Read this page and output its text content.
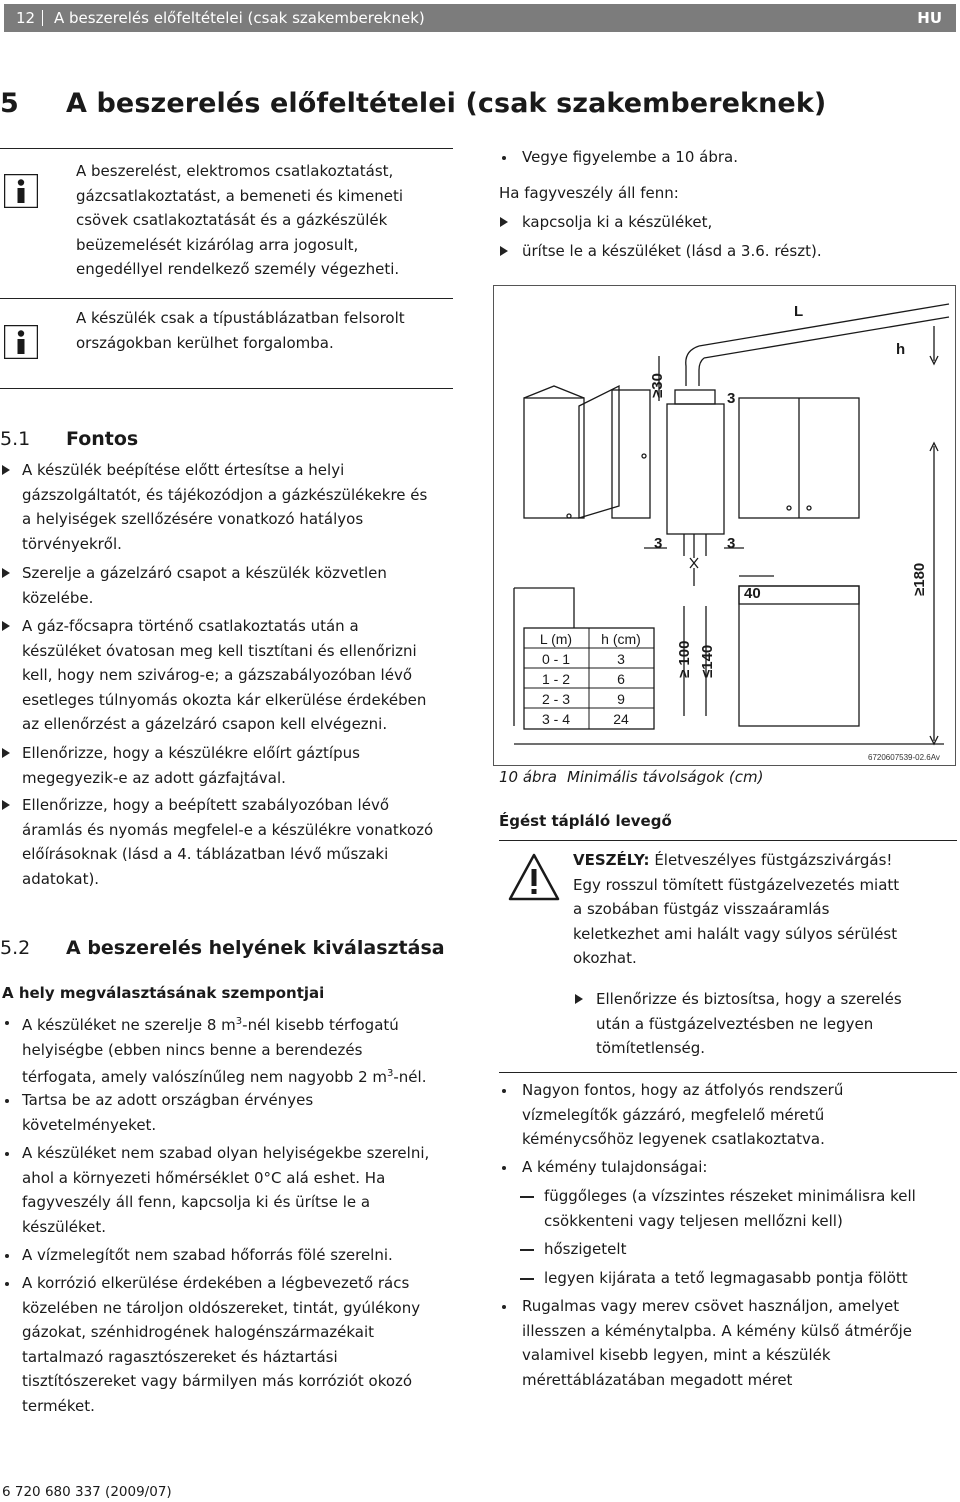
12 A beszerelés előfeltételei (csak szakembereknek)	HU
5 A beszerelés előfeltételei (csak szakembereknek)
A beszerelést, elektromos csatlakoztatást,
gázcsatlakoztatást, a bemeneti és kimeneti
csövek csatlakoztatását és a gázkészülék
beüzemelését kizárólag arra jogosult,
engedéllyel rendelkező személy végezheti.
A készülék csak a típustáblázatban felsorolt
országokban kerülhet forgalomba.
5.1 Fontos
A készülék beépítése előtt értesítse a helyi
gázszolgáltatót, és tájékozódjon a gázkészülékekre és
a helyiségek szellőzésére vonatkozó hatályos
törvényekről.
Szerelje a gázelzáró csapot a készülék közvetlen
közelébe.
A gáz-főcsapra történő csatlakoztatás után a
készüléket óvatosan meg kell tisztítani és ellenőrizni
kell, hogy nem szivárog-e; a gázszabályozóban lévő
esetleges túlnyomás okozta kár elkerülése érdekében
az ellenőrzést a gázelzáró csapon kell elvégezni.
Ellenőrizze, hogy a készülékre előírt gáztípus
megegyezik-e az adott gázfajtával.
Ellenőrizze, hogy a beépített szabályozóban lévő
áramlás és nyomás megfelel-e a készülékre vonatkozó
előírásoknak (lásd a 4. táblázatban lévő műszaki
adatokat).
5.2 A beszerelés helyének kiválasztása
A hely megválasztásának szempontjai
A készüléket ne szerelje 8 $m^3$-nél kisebb térfogatú
helyiségbe (ebben nincs benne a berendezés
térfogata, amely valószínűleg nem nagyobb 2 $m^3$-nél.
Tartsa be az adott országban érvényes
követelményeket.
A készüléket nem szabad olyan helyiségekbe szerelni,
ahol a környezeti hőmérséklet 0°C alá eshet. Ha
fagyveszély áll fenn, kapcsolja ki és ürítse le a
készüléket.
A vízmelegítőt nem szabad hőforrás fölé szerelni.
A korrózió elkerülése érdekében a légbevezető rács
közelében ne tároljon oldószereket, tintát, gyúlékony
gázokat, szénhidrogének halogénszármazékait
tartalmazó ragasztószereket és háztartási
tisztítószereket vagy bármilyen más korróziót okozó
terméket.
Vegye figyelembe a 10 ábra.
Ha fagyveszély áll fenn:
kapcsolja ki a készüléket,
ürítse le a készüléket (lásd a 3.6. részt).
L
h
≥30
3
3	3
≥180
40
≥ 100 ≤140
L (m) h (cm)
0 - 1	3
1 - 2	6
2 - 3	9
3 - 4	24
6720607539-02.6Av
10 ábra Minimális távolságok (cm)
Égést tápláló levegő
VESZÉLY: Életveszélyes füstgázszivárgás!
Egy rosszul tömített füstgázelvezetés miatt
a szobában füstgáz visszaáramlás
keletkezhet ami halált vagy súlyos sérülést
okozhat.
Ellenőrizze és biztosítsa, hogy a szerelés
után a füstgázelveztésben ne legyen
tömítetlenség.
Nagyon fontos, hogy az átfolyós rendszerű
vízmelegítők gázzáró, megfelelő méretű
kéménycsőhöz legyenek csatlakoztatva.
A kémény tulajdonságai:
függőleges (a vízszintes részeket minimálisra kell
csökkenteni vagy teljesen mellőzni kell)
hőszigetelt
legyen kijárata a tető legmagasabb pontja fölött
Rugalmas vagy merev csövet használjon, amelyet
illesszen a kéménytalpba. A kémény külső átmérője
valamivel kisebb legyen, mint a készülék
mérettáblázatában megadott méret
6 720 680 337 (2009/07)
